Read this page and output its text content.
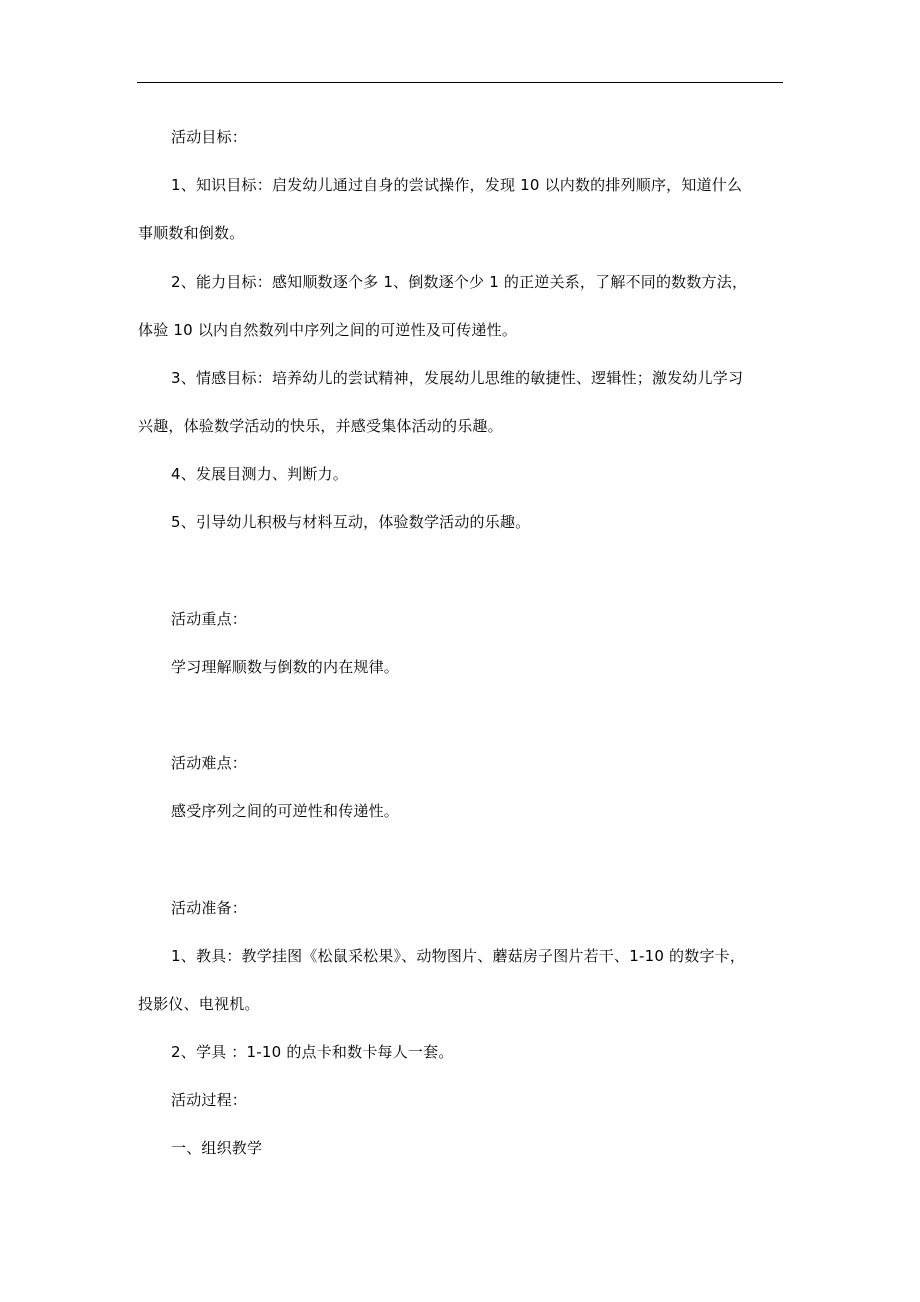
活动目标：
1、知识目标：启发幼儿通过自身的尝试操作，发现 10 以内数的排列顺序，知道什么
事顺数和倒数。
2、能力目标：感知顺数逐个多 1、倒数逐个少 1 的正逆关系，了解不同的数数方法，
体验 10 以内自然数列中序列之间的可逆性及可传递性。
3、情感目标：培养幼儿的尝试精神，发展幼儿思维的敏捷性、逻辑性；激发幼儿学习
兴趣，体验数学活动的快乐，并感受集体活动的乐趣。
4、发展目测力、判断力。
5、引导幼儿积极与材料互动，体验数学活动的乐趣。
活动重点：
学习理解顺数与倒数的内在规律。
活动难点：
感受序列之间的可逆性和传递性。
活动准备：
1、教具：教学挂图《松鼠采松果》、动物图片、蘑菇房子图片若干、1-10 的数字卡，
投影仪、电视机。
2、学具 ：1-10 的点卡和数卡每人一套。
活动过程：
一、组织教学
